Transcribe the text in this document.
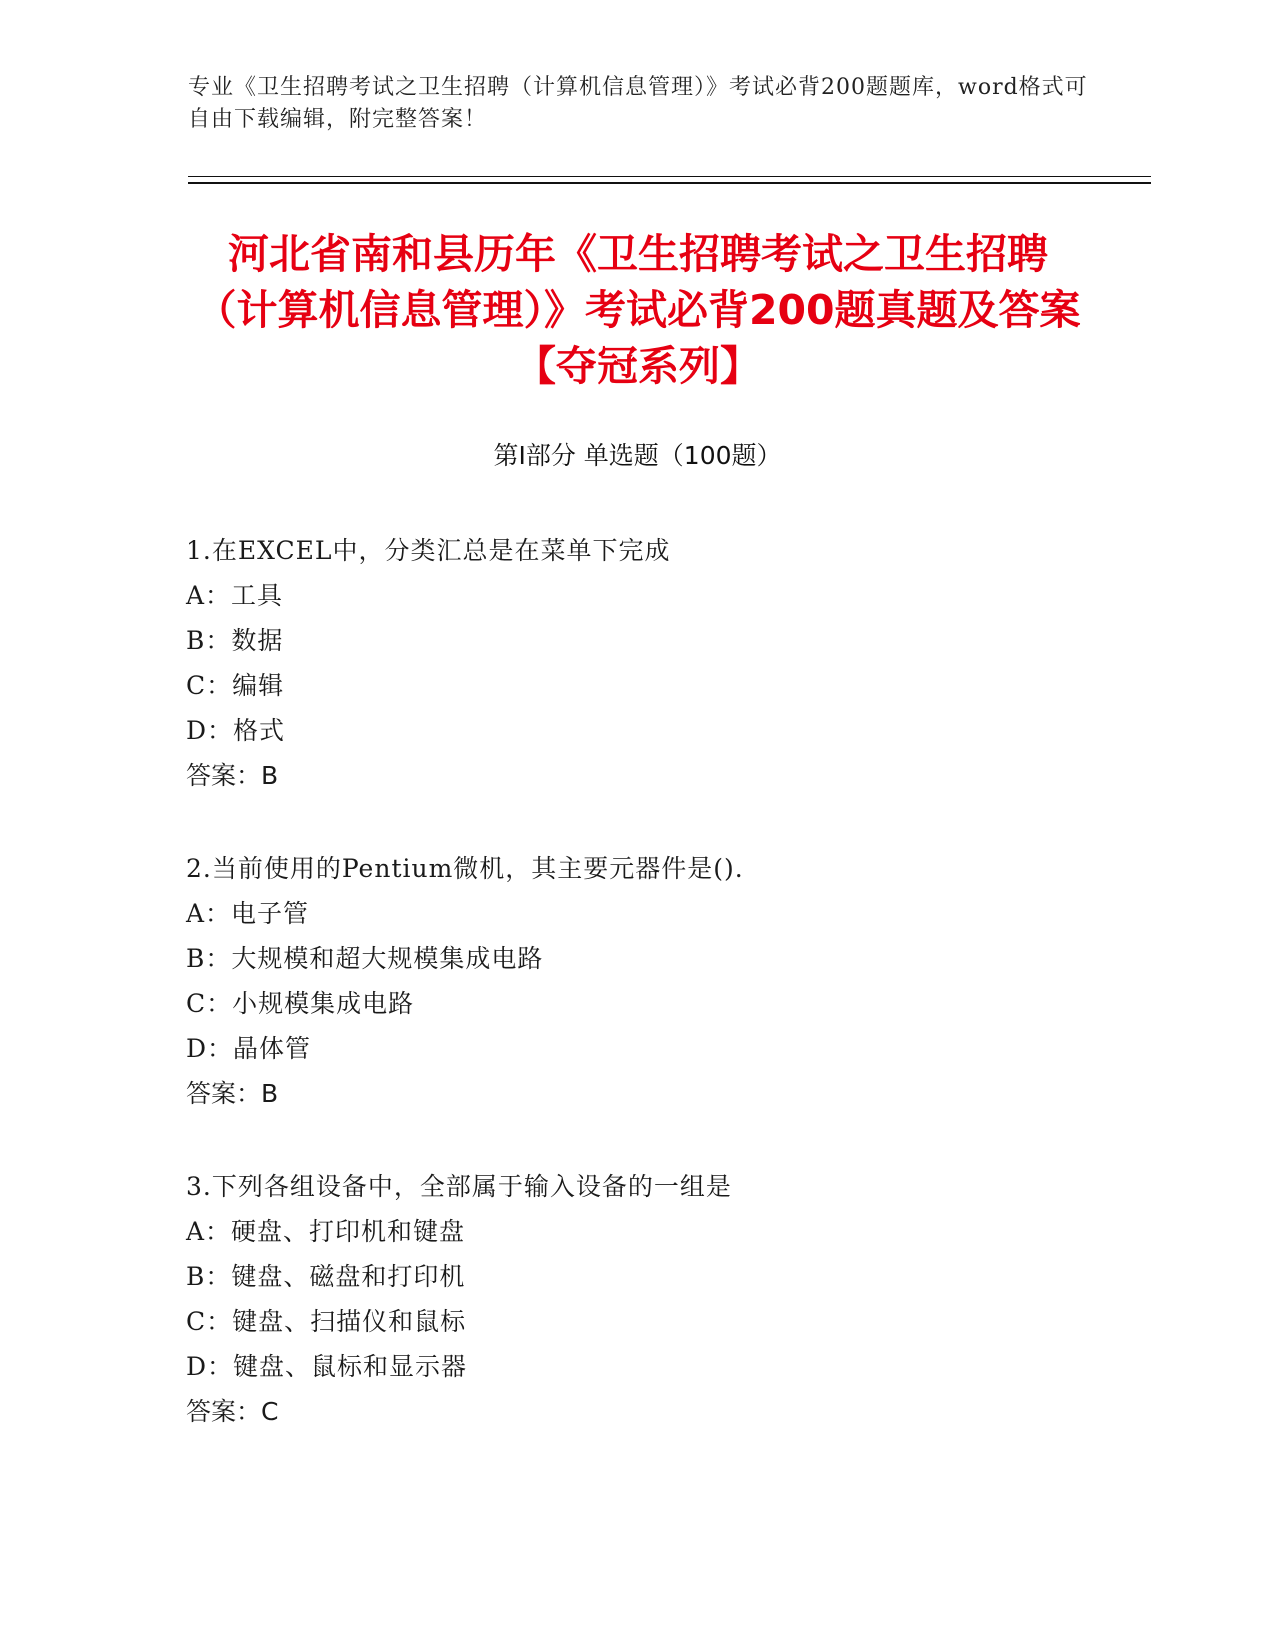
专业《卫生招聘考试之卫生招聘（计算机信息管理）》考试必背200题题库，word格式可自由下载编辑，附完整答案！
河北省南和县历年《卫生招聘考试之卫生招聘（计算机信息管理）》考试必背200题真题及答案【夺冠系列】
第Ⅰ部分 单选题（100题）
1.在EXCEL中，分类汇总是在菜单下完成
A：工具
B：数据
C：编辑
D：格式
答案：B
2.当前使用的Pentium微机，其主要元器件是().
A：电子管
B：大规模和超大规模集成电路
C：小规模集成电路
D：晶体管
答案：B
3.下列各组设备中，全部属于输入设备的一组是
A：硬盘、打印机和键盘
B：键盘、磁盘和打印机
C：键盘、扫描仪和鼠标
D：键盘、鼠标和显示器
答案：C
